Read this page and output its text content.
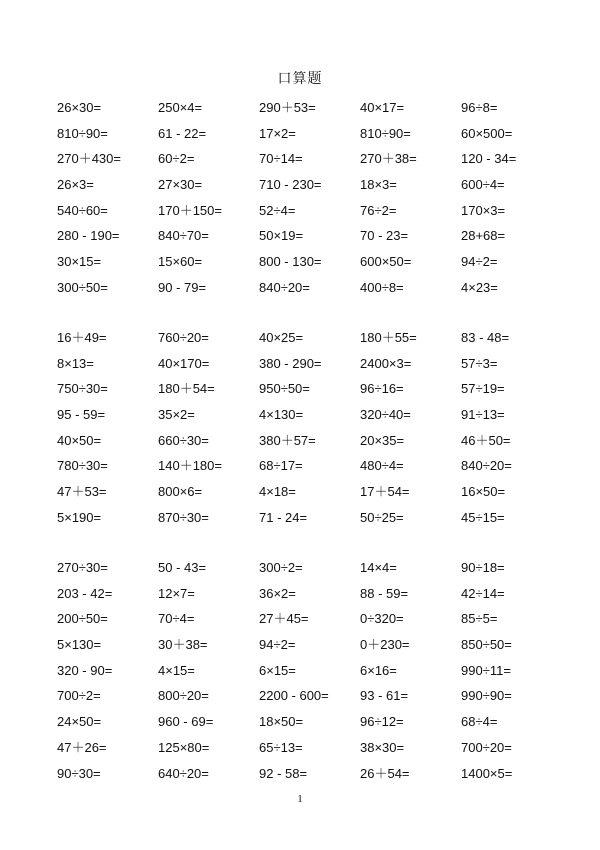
口算题
26×30=	250×4=	290＋53=	40×17=	96÷8=
810÷90=	61 - 22=	17×2=	810÷90=	60×500=
270＋430=	60÷2=	70÷14=	270＋38=	120 - 34=
26×3=	27×30=	710 - 230=	18×3=	600÷4=
540÷60=	170＋150=	52÷4=	76÷2=	170×3=
280 - 190=	840÷70=	50×19=	70 - 23=	28+68=
30×15=	15×60=	800 - 130=	600×50=	94÷2=
300÷50=	90 - 79=	840÷20=	400÷8=	4×23=
16＋49=	760÷20=	40×25=	180＋55=	83 - 48=
8×13=	40×170=	380 - 290=	2400×3=	57÷3=
750÷30=	180＋54=	950÷50=	96÷16=	57÷19=
95 - 59=	35×2=	4×130=	320÷40=	91÷13=
40×50=	660÷30=	380＋57=	20×35=	46＋50=
780÷30=	140＋180=	68÷17=	480÷4=	840÷20=
47＋53=	800×6=	4×18=	17＋54=	16×50=
5×190=	870÷30=	71 - 24=	50÷25=	45÷15=
270÷30=	50 - 43=	300÷2=	14×4=	90÷18=
203 - 42=	12×7=	36×2=	88 - 59=	42÷14=
200÷50=	70÷4=	27＋45=	0÷320=	85÷5=
5×130=	30＋38=	94÷2=	0＋230=	850÷50=
320 - 90=	4×15=	6×15=	6×16=	990÷11=
700÷2=	800÷20=	2200 - 600=	93 - 61=	990÷90=
24×50=	960 - 69=	18×50=	96÷12=	68÷4=
47＋26=	125×80=	65÷13=	38×30=	700÷20=
90÷30=	640÷20=	92 - 58=	26＋54=	1400×5=
1
